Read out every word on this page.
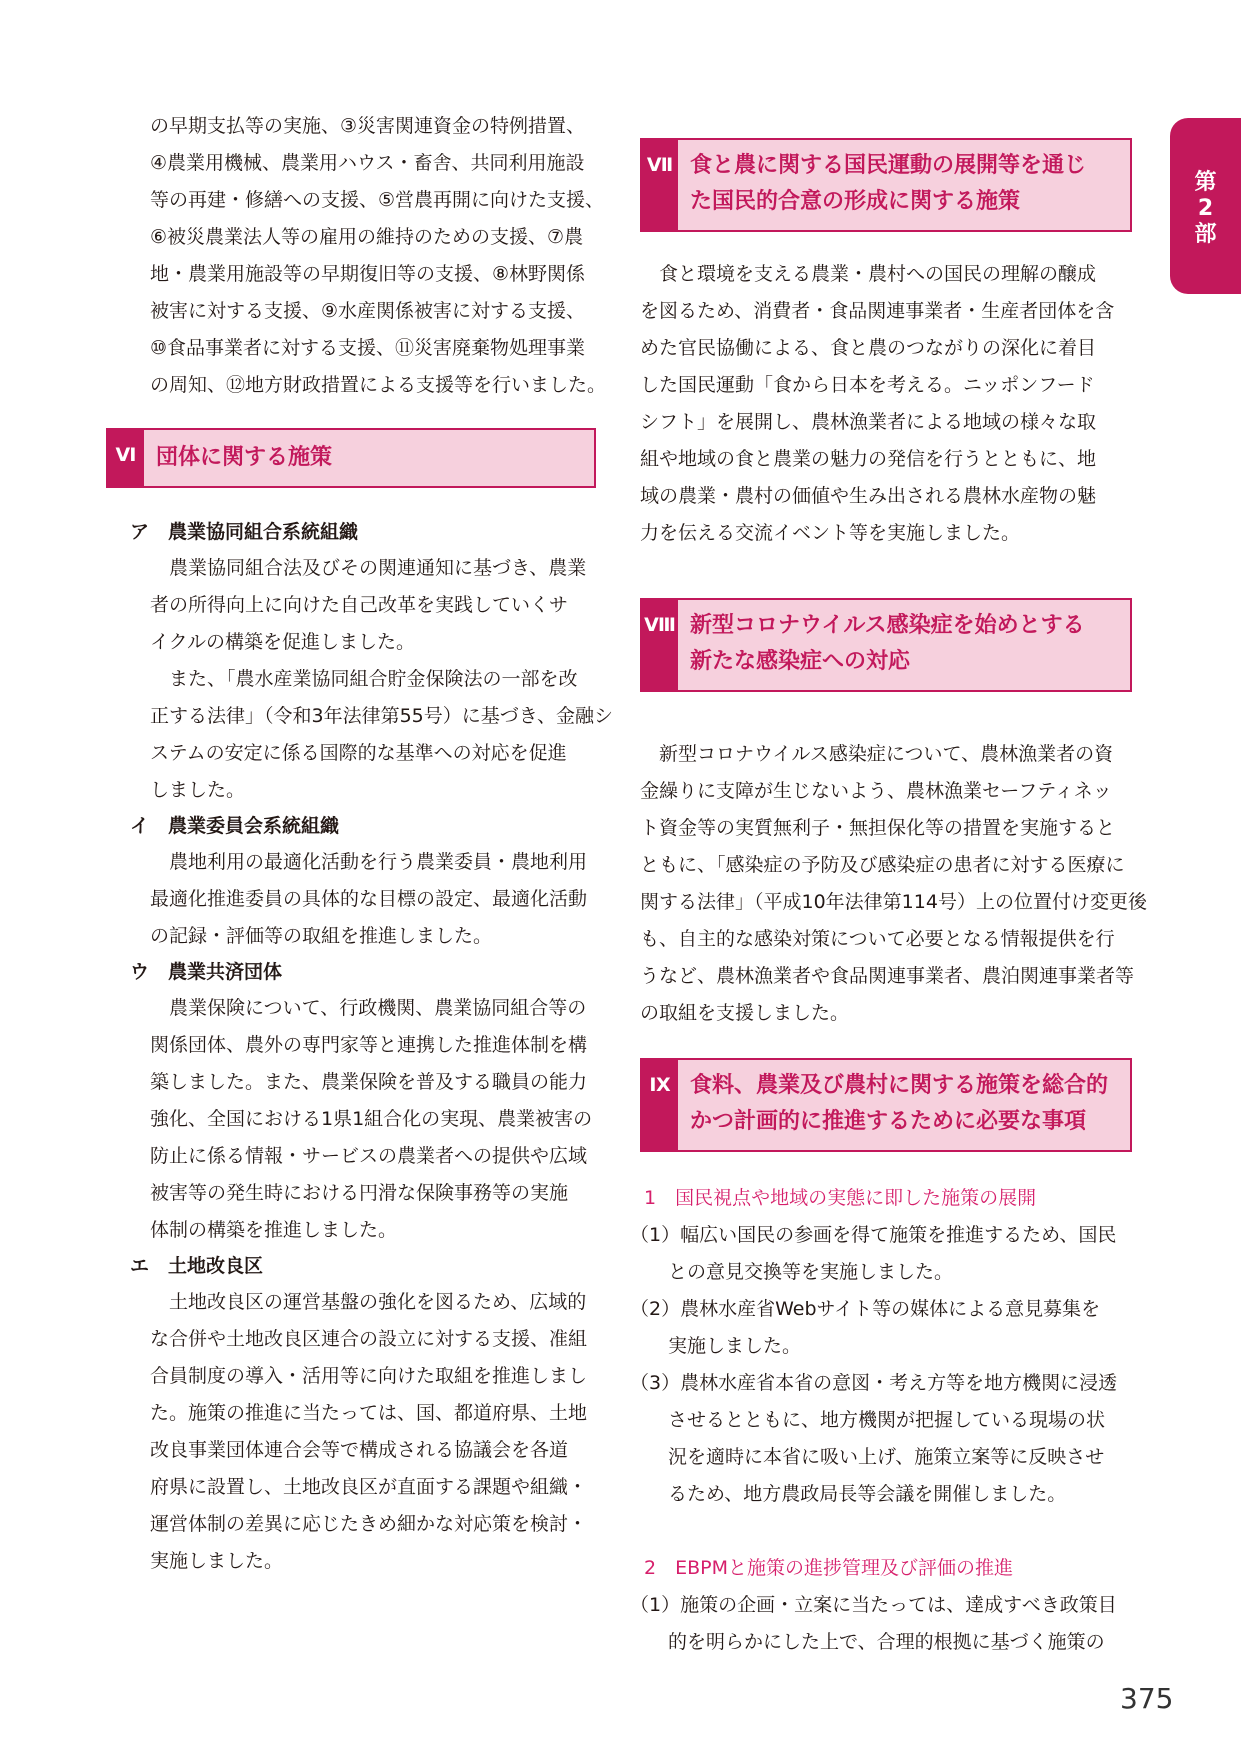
第
2
部
の早期支払等の実施、③災害関連資金の特例措置、
④農業用機械、農業用ハウス・畜舎、共同利用施設
等の再建・修繕への支援、⑤営農再開に向けた支援、
⑥被災農業法人等の雇用の維持のための支援、⑦農
地・農業用施設等の早期復旧等の支援、⑧林野関係
被害に対する支援、⑨水産関係被害に対する支援、
⑩食品事業者に対する支援、⑪災害廃棄物処理事業
の周知、⑫地方財政措置による支援等を行いました。
Ⅵ 団体に関する施策
ア　農業協同組合系統組織
　農業協同組合法及びその関連通知に基づき、農業
者の所得向上に向けた自己改革を実践していくサ
イクルの構築を促進しました。
　また、「農水産業協同組合貯金保険法の一部を改
正する法律」（令和3年法律第55号）に基づき、金融シ
ステムの安定に係る国際的な基準への対応を促進
しました。
イ　農業委員会系統組織
　農地利用の最適化活動を行う農業委員・農地利用
最適化推進委員の具体的な目標の設定、最適化活動
の記録・評価等の取組を推進しました。
ウ　農業共済団体
　農業保険について、行政機関、農業協同組合等の
関係団体、農外の専門家等と連携した推進体制を構
築しました。また、農業保険を普及する職員の能力
強化、全国における1県1組合化の実現、農業被害の
防止に係る情報・サービスの農業者への提供や広域
被害等の発生時における円滑な保険事務等の実施
体制の構築を推進しました。
エ　土地改良区
　土地改良区の運営基盤の強化を図るため、広域的
な合併や土地改良区連合の設立に対する支援、准組
合員制度の導入・活用等に向けた取組を推進しまし
た。施策の推進に当たっては、国、都道府県、土地
改良事業団体連合会等で構成される協議会を各道
府県に設置し、土地改良区が直面する課題や組織・
運営体制の差異に応じたきめ細かな対応策を検討・
実施しました。
Ⅶ 食と農に関する国民運動の展開等を通じ
た国民的合意の形成に関する施策
　食と環境を支える農業・農村への国民の理解の醸成
を図るため、消費者・食品関連事業者・生産者団体を含
めた官民協働による、食と農のつながりの深化に着目
した国民運動「食から日本を考える。ニッポンフード
シフト」を展開し、農林漁業者による地域の様々な取
組や地域の食と農業の魅力の発信を行うとともに、地
域の農業・農村の価値や生み出される農林水産物の魅
力を伝える交流イベント等を実施しました。
Ⅷ 新型コロナウイルス感染症を始めとする
新たな感染症への対応
　新型コロナウイルス感染症について、農林漁業者の資
金繰りに支障が生じないよう、農林漁業セーフティネッ
ト資金等の実質無利子・無担保化等の措置を実施すると
ともに、「感染症の予防及び感染症の患者に対する医療に
関する法律」（平成10年法律第114号）上の位置付け変更後
も、自主的な感染対策について必要となる情報提供を行
うなど、農林漁業者や食品関連事業者、農泊関連事業者等
の取組を支援しました。
Ⅸ 食料、農業及び農村に関する施策を総合的
かつ計画的に推進するために必要な事項
1　国民視点や地域の実態に即した施策の展開
（1）幅広い国民の参画を得て施策を推進するため、国民
　　との意見交換等を実施しました。
（2）農林水産省Webサイト等の媒体による意見募集を
　　実施しました。
（3）農林水産省本省の意図・考え方等を地方機関に浸透
　　させるとともに、地方機関が把握している現場の状
　　況を適時に本省に吸い上げ、施策立案等に反映させ
　　るため、地方農政局長等会議を開催しました。
2　EBPMと施策の進捗管理及び評価の推進
（1）施策の企画・立案に当たっては、達成すべき政策目
　　的を明らかにした上で、合理的根拠に基づく施策の
375
